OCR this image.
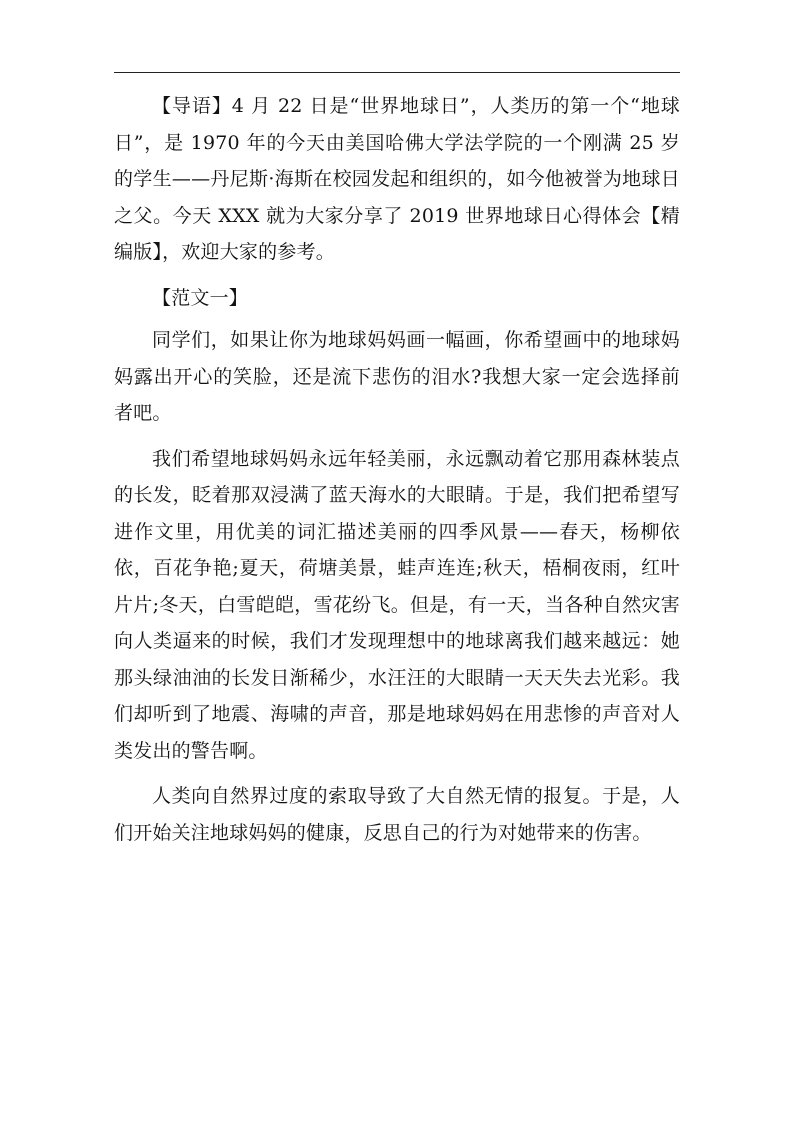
【导语】4 月 22 日是“世界地球日”，人类历的第一个“地球日”，是 1970 年的今天由美国哈佛大学法学院的一个刚满 25 岁的学生——丹尼斯·海斯在校园发起和组织的，如今他被誉为地球日之父。今天 XXX 就为大家分享了 2019 世界地球日心得体会【精编版】，欢迎大家的参考。

【范文一】

同学们，如果让你为地球妈妈画一幅画，你希望画中的地球妈妈露出开心的笑脸，还是流下悲伤的泪水?我想大家一定会选择前者吧。

我们希望地球妈妈永远年轻美丽，永远飘动着它那用森林装点的长发，眨着那双浸满了蓝天海水的大眼睛。于是，我们把希望写进作文里，用优美的词汇描述美丽的四季风景——春天，杨柳依依，百花争艳;夏天，荷塘美景，蛙声连连;秋天，梧桐夜雨，红叶片片;冬天，白雪皑皑，雪花纷飞。但是，有一天，当各种自然灾害向人类逼来的时候，我们才发现理想中的地球离我们越来越远：她那头绿油油的长发日渐稀少，水汪汪的大眼睛一天天失去光彩。我们却听到了地震、海啸的声音，那是地球妈妈在用悲惨的声音对人类发出的警告啊。

人类向自然界过度的索取导致了大自然无情的报复。于是，人们开始关注地球妈妈的健康，反思自己的行为对她带来的伤害。
